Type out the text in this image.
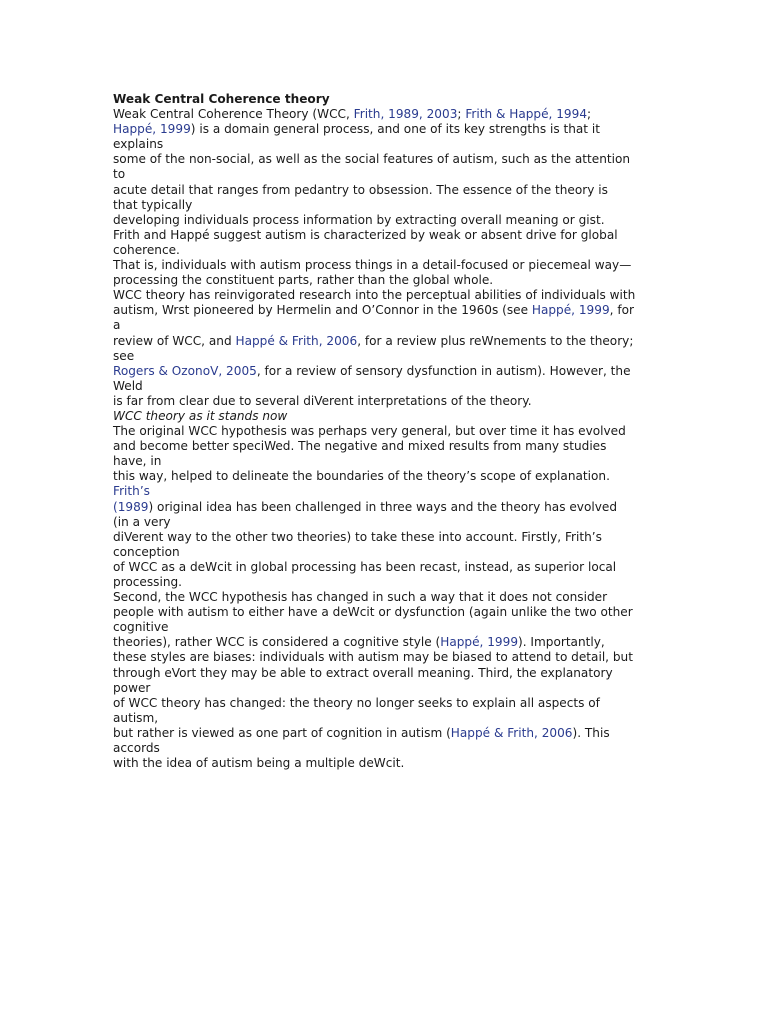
Weak Central Coherence theory
Weak Central Coherence Theory (WCC, Frith, 1989, 2003; Frith & Happé, 1994;
Happé, 1999) is a domain general process, and one of its key strengths is that it
explains
some of the non-social, as well as the social features of autism, such as the attention
to
acute detail that ranges from pedantry to obsession. The essence of the theory is
that typically
developing individuals process information by extracting overall meaning or gist.
Frith and Happé suggest autism is characterized by weak or absent drive for global
coherence.
That is, individuals with autism process things in a detail-focused or piecemeal way—
processing the constituent parts, rather than the global whole.
WCC theory has reinvigorated research into the perceptual abilities of individuals with
autism, Wrst pioneered by Hermelin and O’Connor in the 1960s (see Happé, 1999, for
a
review of WCC, and Happé & Frith, 2006, for a review plus reWnements to the theory;
see
Rogers & OzonoV, 2005, for a review of sensory dysfunction in autism). However, the
Weld
is far from clear due to several diVerent interpretations of the theory.
WCC theory as it stands now
The original WCC hypothesis was perhaps very general, but over time it has evolved
and become better speciWed. The negative and mixed results from many studies
have, in
this way, helped to delineate the boundaries of the theory’s scope of explanation.
Frith’s
(1989) original idea has been challenged in three ways and the theory has evolved
(in a very
diVerent way to the other two theories) to take these into account. Firstly, Frith’s
conception
of WCC as a deWcit in global processing has been recast, instead, as superior local
processing.
Second, the WCC hypothesis has changed in such a way that it does not consider
people with autism to either have a deWcit or dysfunction (again unlike the two other
cognitive
theories), rather WCC is considered a cognitive style (Happé, 1999). Importantly,
these styles are biases: individuals with autism may be biased to attend to detail, but
through eVort they may be able to extract overall meaning. Third, the explanatory
power
of WCC theory has changed: the theory no longer seeks to explain all aspects of
autism,
but rather is viewed as one part of cognition in autism (Happé & Frith, 2006). This
accords
with the idea of autism being a multiple deWcit.
